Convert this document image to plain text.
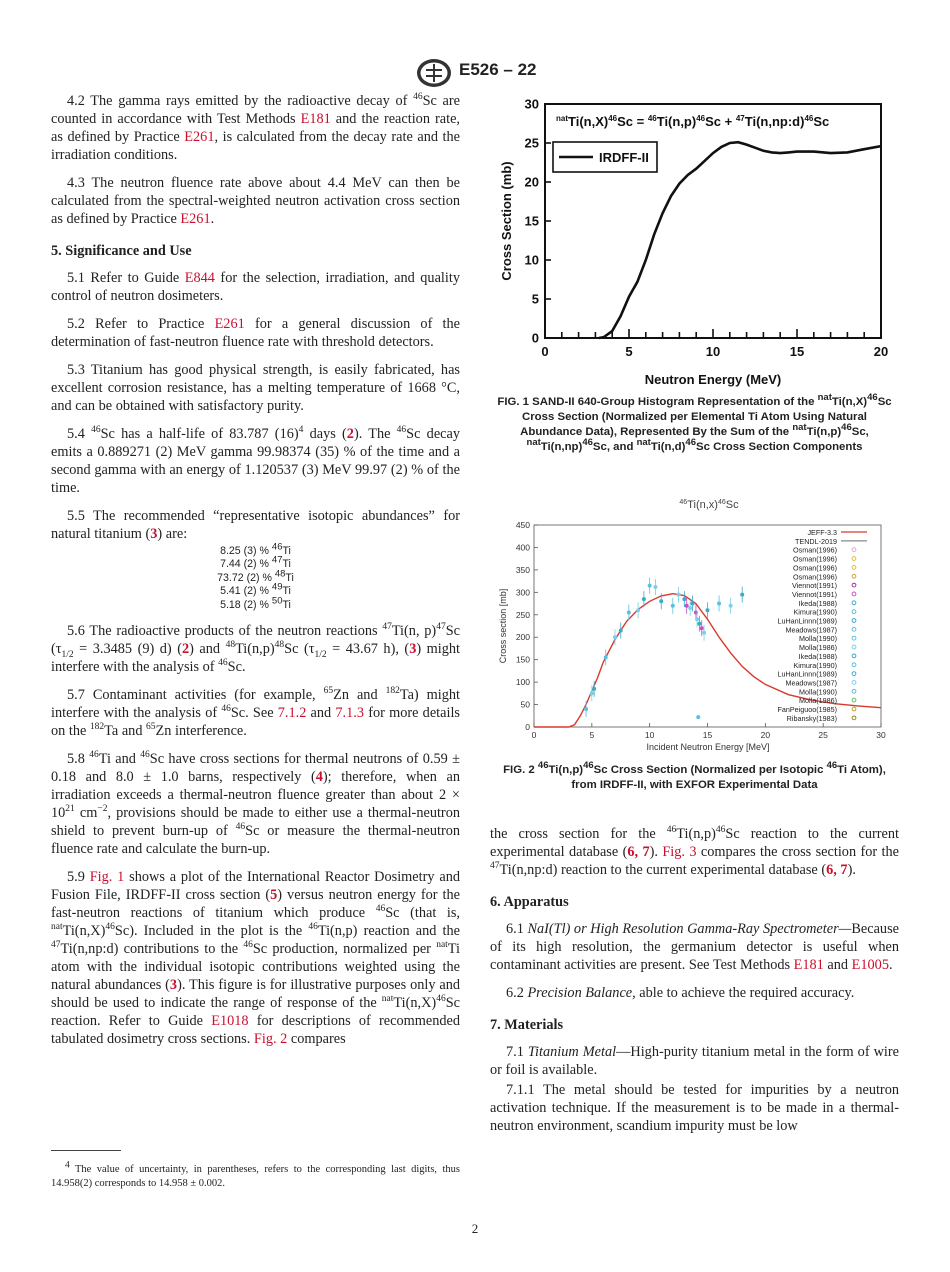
E526 – 22

4.2 The gamma rays emitted by the radioactive decay of $^{46}$Sc are counted in accordance with Test Methods E181 and the reaction rate, as defined by Practice E261, is calculated from the decay rate and the irradiation conditions.

4.3 The neutron fluence rate above about 4.4 MeV can then be calculated from the spectral-weighted neutron activation cross section as defined by Practice E261.

5. Significance and Use

5.1 Refer to Guide E844 for the selection, irradiation, and quality control of neutron dosimeters.

5.2 Refer to Practice E261 for a general discussion of the determination of fast-neutron fluence rate with threshold detectors.

5.3 Titanium has good physical strength, is easily fabricated, has excellent corrosion resistance, has a melting temperature of 1668 °C, and can be obtained with satisfactory purity.

5.4 $^{46}$Sc has a half-life of 83.787 $(16)^4$ days (2). The $^{46}$Sc decay emits a 0.889271 (2) MeV gamma 99.98374 (35) % of the time and a second gamma with an energy of 1.120537 (3) MeV 99.97 (2) % of the time.

5.5 The recommended “representative isotopic abundances” for natural titanium (3) are:

8.25 (3) % $^{46}$Ti
7.44 (2) % $^{47}$Ti
73.72 (2) % $^{48}$Ti
5.41 (2) % $^{49}$Ti
5.18 (2) % $^{50}$Ti

5.6 The radioactive products of the neutron reactions $^{47}$Ti(n, p)$^{47}$Sc ($\tau_{1/2} = 3.3485$ (9) d) (2) and $^{48}Ti(n,p)^{48}Sc$ ($\tau_{1/2} = 43.67$ h), (3) might interfere with the analysis of $^{46}$Sc.

5.7 Contaminant activities (for example, $^{65}$Zn and $^{182}$Ta) might interfere with the analysis of $^{46}$Sc. See 7.1.2 and 7.1.3 for more details on the $^{182}$Ta and $^{65}$Zn interference.

5.8 $^{46}$Ti and $^{46}$Sc have cross sections for thermal neutrons of 0.59 ± 0.18 and 8.0 ± 1.0 barns, respectively (4); therefore, when an irradiation exceeds a thermal-neutron fluence greater than about $2 \times 10^{21}$ $cm^{-2}$, provisions should be made to either use a thermal-neutron shield to prevent burn-up of $^{46}$Sc or measure the thermal-neutron fluence rate and calculate the burn-up.

5.9 Fig. 1 shows a plot of the International Reactor Dosimetry and Fusion File, IRDFF-II cross section (5) versus neutron energy for the fast-neutron reactions of titanium which produce $^{46}$Sc (that is, $^{nat}Ti(n,X)^{46}Sc$). Included in the plot is the $^{46}$Ti(n,p) reaction and the $^{47}$Ti(n,np:d) contributions to the $^{46}$Sc production, normalized per $^{nat}$Ti atom with the individual isotopic contributions weighted using the natural abundances (3). This figure is for illustrative purposes only and should be used to indicate the range of response of the $^{nat}Ti(n,X)^{46}Sc$ reaction. Refer to Guide E1018 for descriptions of recommended tabulated dosimetry cross sections. Fig. 2 compares

$^4$ The value of uncertainty, in parentheses, refers to the corresponding last digits, thus 14.958(2) corresponds to 14.958 ± 0.002.
0
5
10
15
20
25
30
0	5	10	15	20
$^{nat}Ti(n,X)^{46}Sc = ^{46}Ti(n,p)^{46}Sc$ + $^{47}$Ti(n,np:d)$^{46}$Sc
IRDFF-II
Neutron Energy (MeV)
Cross Section (mb)
FIG. 1 SAND-II 640-Group Histogram Representation of the $^{nat}Ti(n,X)^{46}Sc$ Cross Section (Normalized per Elemental Ti Atom Using Natural Abundance Data), Represented By the Sum of the $^{nat}Ti(n,p)^{46}Sc$, $^{nat}Ti(n,np)^{46}Sc$, and $^{nat}Ti(n,d)^{46}Sc$ Cross Section Components
$^{46}Ti(n,x)^{46}Sc$
0
50
100
150
200
250
300
350
400
450
0	5	10	15	20	25	30
JEFF-3.3
TENDL-2019
Osman(1996)
Osman(1996)
Osman(1996)
Osman(1996)
Viennot(1991)
Viennot(1991)
Ikeda(1988)
Kimura(1990)
LuHanLinnn(1989)
Meadows(1987)
Molla(1990)
Molla(1986)
Ikeda(1988)
Kimura(1990)
LuHanLinnn(1989)
Meadows(1987)
Molla(1990)
Molla(1986)
FanPeiguoo(1985)
Ribansky(1983)
Incident Neutron Energy [MeV]
Cross section [mb]
FIG. 2 $^{46}Ti(n,p)^{46}Sc$ Cross Section (Normalized per Isotopic $^{46}$Ti Atom), from IRDFF-II, with EXFOR Experimental Data

the cross section for the $^{46}Ti(n,p)^{46}Sc$ reaction to the current experimental database (6, 7). Fig. 3 compares the cross section for the $^{47}$Ti(n,np:d) reaction to the current experimental database (6, 7).

6. Apparatus

6.1 NaI(Tl) or High Resolution Gamma-Ray Spectrometer—Because of its high resolution, the germanium detector is useful when contaminant activities are present. See Test Methods E181 and E1005.

6.2 Precision Balance, able to achieve the required accuracy.

7. Materials

7.1 Titanium Metal—High-purity titanium metal in the form of wire or foil is available.

7.1.1 The metal should be tested for impurities by a neutron activation technique. If the measurement is to be made in a thermal-neutron environment, scandium impurity must be low

2
